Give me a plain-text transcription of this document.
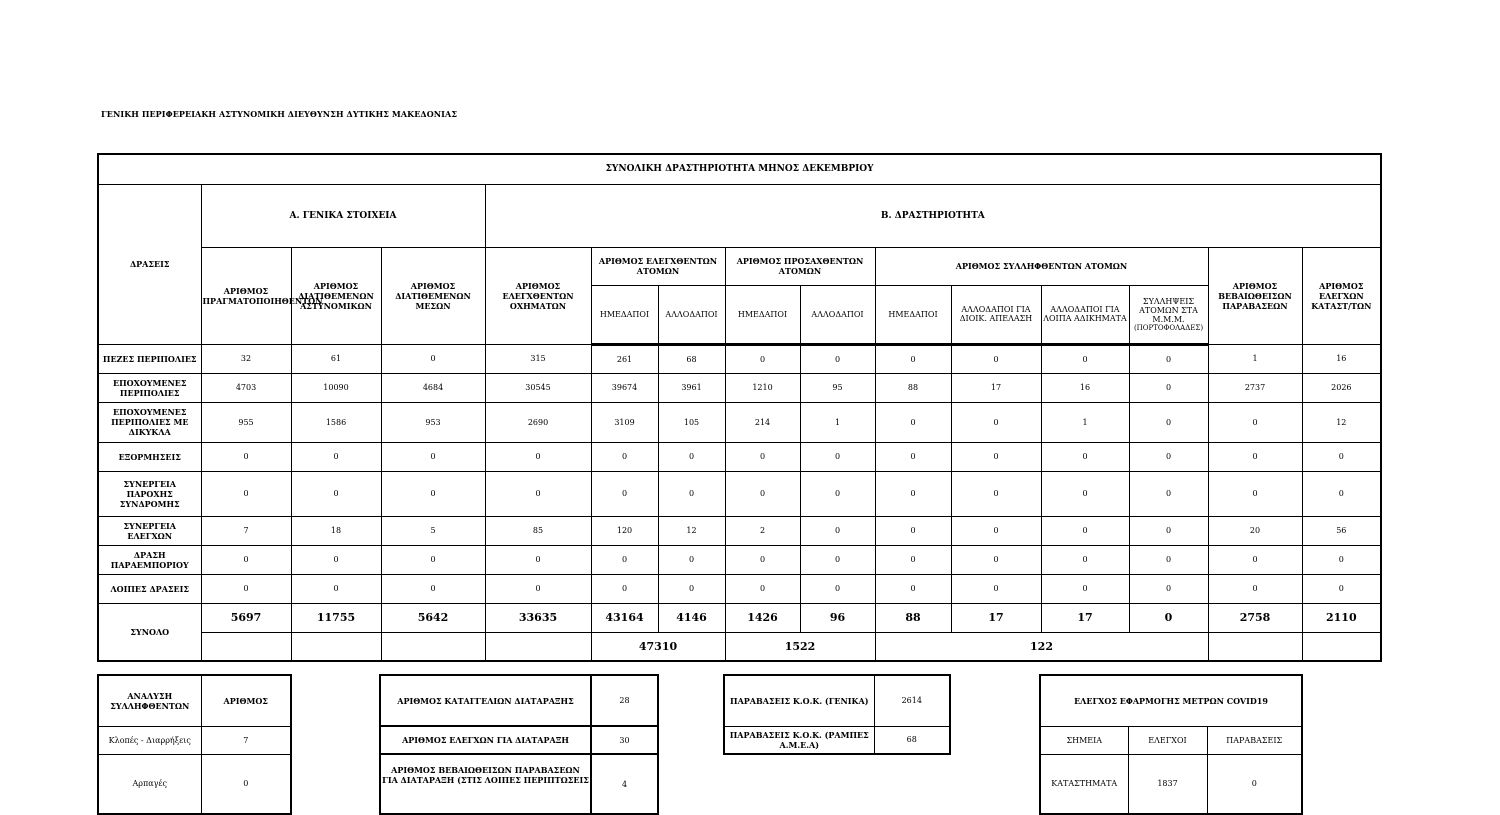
ΓΕΝΙΚΗ ΠΕΡΙΦΕΡΕΙΑΚΗ ΑΣΤΥΝΟΜΙΚΗ ΔΙΕΥΘΥΝΣΗ ΔΥΤΙΚΗΣ ΜΑΚΕΔΟΝΙΑΣ
ΣΥΝΟΛΙΚΗ ΔΡΑΣΤΗΡΙΟΤΗΤΑ ΜΗΝΟΣ ΔΕΚΕΜΒΡΙΟΥ														
ΔΡΑΣΕΙΣ	Α. ΓΕΝΙΚΑ ΣΤΟΙΧΕΙΑ			Β. ΔΡΑΣΤΗΡΙΟΤΗΤΑ										
	ΑΡΙΘΜΟΣ ΠΡΑΓΜΑΤΟΠΟΙΗΘΕΝΤΩΝ	ΑΡΙΘΜΟΣ ΔΙΑΤΙΘΕΜΕΝΩΝ ΑΣΤΥΝΟΜΙΚΩΝ	ΑΡΙΘΜΟΣ ΔΙΑΤΙΘΕΜΕΝΩΝ ΜΕΣΩΝ	ΑΡΙΘΜΟΣ ΕΛΕΓΧΘΕΝΤΩΝ ΟΧΗΜΑΤΩΝ	ΑΡΙΘΜΟΣ ΕΛΕΓΧΘΕΝΤΩΝ ΑΤΟΜΩΝ		ΑΡΙΘΜΟΣ ΠΡΟΣΑΧΘΕΝΤΩΝ ΑΤΟΜΩΝ		ΑΡΙΘΜΟΣ ΣΥΛΛΗΦΘΕΝΤΩΝ ΑΤΟΜΩΝ				ΑΡΙΘΜΟΣ ΒΕΒΑΙΩΘΕΙΣΩΝ ΠΑΡΑΒΑΣΕΩΝ	ΑΡΙΘΜΟΣ ΕΛΕΓΧΩΝ ΚΑΤΑΣΤ/ΤΩΝ
					ΗΜΕΔΑΠΟΙ	ΑΛΛΟΔΑΠΟΙ	ΗΜΕΔΑΠΟΙ	ΑΛΛΟΔΑΠΟΙ	ΗΜΕΔΑΠΟΙ	ΑΛΛΟΔΑΠΟΙ ΓΙΑ ΔΙΟΙΚ. ΑΠΕΛΑΣΗ	ΑΛΛΟΔΑΠΟΙ ΓΙΑ ΛΟΙΠΑ ΑΔΙΚΗΜΑΤΑ	ΣΥΛΛΗΨΕΙΣ ΑΤΟΜΩΝ ΣΤΑ Μ.Μ.Μ.
(ΠΟΡΤΟΦΟΛΑΔΕΣ)		

ΠΕΖΕΣ ΠΕΡΙΠΟΛΙΕΣ	32	61	0	315	261	68	0	0	0	0	0	0	1	16
ΕΠΟΧΟΥΜΕΝΕΣ ΠΕΡΙΠΟΛΙΕΣ	4703	10090	4684	30545	39674	3961	1210	95	88	17	16	0	2737	2026
ΕΠΟΧΟΥΜΕΝΕΣ ΠΕΡΙΠΟΛΙΕΣ ΜΕ ΔΙΚΥΚΛΑ	955	1586	953	2690	3109	105	214	1	0	0	1	0	0	12
ΕΞΟΡΜΗΣΕΙΣ	0	0	0	0	0	0	0	0	0	0	0	0	0	0
ΣΥΝΕΡΓΕΙΑ ΠΑΡΟΧΗΣ ΣΥΝΔΡΟΜΗΣ	0	0	0	0	0	0	0	0	0	0	0	0	0	0
ΣΥΝΕΡΓΕΙΑ ΕΛΕΓΧΩΝ	7	18	5	85	120	12	2	0	0	0	0	0	20	56
ΔΡΑΣΗ ΠΑΡΑΕΜΠΟΡΙΟΥ	0	0	0	0	0	0	0	0	0	0	0	0	0	0
ΛΟΙΠΕΣ ΔΡΑΣΕΙΣ	0	0	0	0	0	0	0	0	0	0	0	0	0	0
ΣΥΝΟΛΟ	5697	11755	5642	33635	43164	4146	1426	96	88	17	17	0	2758	2110
					47310		1522		122					
ΑΝΑΛΥΣΗ ΣΥΛΛΗΦΘΕΝΤΩΝ	ΑΡΙΘΜΟΣ
Κλοπές - Διαρρήξεις	7
Αρπαγές	0
ΑΡΙΘΜΟΣ ΚΑΤΑΓΓΕΛΙΩΝ ΔΙΑΤΑΡΑΞΗΣ	28
ΑΡΙΘΜΟΣ ΕΛΕΓΧΩΝ ΓΙΑ ΔΙΑΤΑΡΑΞΗ	30
ΑΡΙΘΜΟΣ ΒΕΒΑΙΩΘΕΙΣΩΝ ΠΑΡΑΒΑΣΕΩΝ ΓΙΑ ΔΙΑΤΑΡΑΞΗ (ΣΤΙΣ ΛΟΙΠΕΣ ΠΕΡΙΠΤΩΣΕΙΣ	4
ΠΑΡΑΒΑΣΕΙΣ Κ.Ο.Κ. (ΓΕΝΙΚΑ)	2614
ΠΑΡΑΒΑΣΕΙΣ Κ.Ο.Κ. (ΡΑΜΠΕΣ Α.Μ.Ε.Α)	68
ΕΛΕΓΧΟΣ ΕΦΑΡΜΟΓΗΣ ΜΕΤΡΩΝ COVID19		
ΣΗΜΕΙΑ	ΕΛΕΓΧΟΙ	ΠΑΡΑΒΑΣΕΙΣ
ΚΑΤΑΣΤΗΜΑΤΑ	1837	0
